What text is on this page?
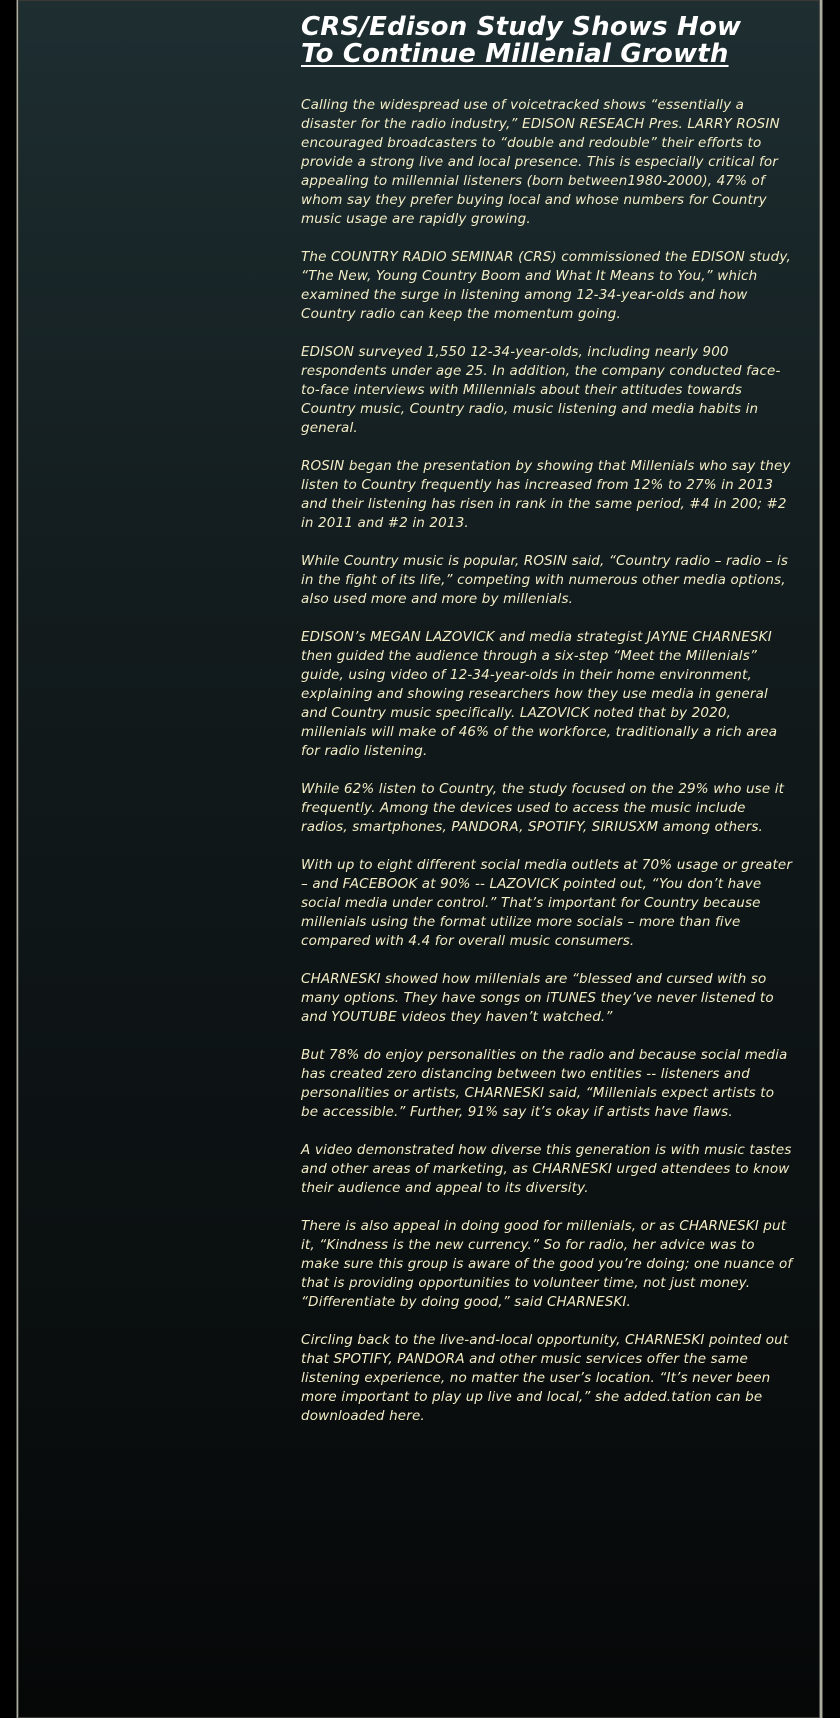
CRS/Edison Study Shows How
To Continue Millenial Growth

Calling the widespread use of voicetracked shows “essentially a disaster for the radio industry,” EDISON RESEACH Pres. LARRY ROSIN encouraged broadcasters to “double and redouble” their efforts to provide a strong live and local presence. This is especially critical for appealing to millennial listeners (born between1980-2000), 47% of whom say they prefer buying local and whose numbers for Country music usage are rapidly growing.

The COUNTRY RADIO SEMINAR (CRS) commissioned the EDISON study, “The New, Young Country Boom and What It Means to You,” which examined the surge in listening among 12-34-year-olds and how Country radio can keep the momentum going.

EDISON surveyed 1,550 12-34-year-olds, including nearly 900 respondents under age 25. In addition, the company conducted face-to-face interviews with Millennials about their attitudes towards Country music, Country radio, music listening and media habits in general.

ROSIN began the presentation by showing that Millenials who say they listen to Country frequently has increased from 12% to 27% in 2013 and their listening has risen in rank in the same period, #4 in 200; #2 in 2011 and #2 in 2013.

While Country music is popular, ROSIN said, “Country radio – radio – is in the fight of its life,” competing with numerous other media options, also used more and more by millenials.

EDISON’s MEGAN LAZOVICK and media strategist JAYNE CHARNESKI then guided the audience through a six-step “Meet the Millenials” guide, using video of 12-34-year-olds in their home environment, explaining and showing researchers how they use media in general and Country music specifically. LAZOVICK noted that by 2020, millenials will make of 46% of the workforce, traditionally a rich area for radio listening.

While 62% listen to Country, the study focused on the 29% who use it frequently. Among the devices used to access the music include radios, smartphones, PANDORA, SPOTIFY, SIRIUSXM among others.

With up to eight different social media outlets at 70% usage or greater – and FACEBOOK at 90% -- LAZOVICK pointed out, “You don’t have social media under control.” That’s important for Country because millenials using the format utilize more socials – more than five compared with 4.4 for overall music consumers.

CHARNESKI showed how millenials are “blessed and cursed with so many options. They have songs on iTUNES they’ve never listened to and YOUTUBE videos they haven’t watched.”

But 78% do enjoy personalities on the radio and because social media has created zero distancing between two entities -- listeners and personalities or artists, CHARNESKI said, “Millenials expect artists to be accessible.” Further, 91% say it’s okay if artists have flaws.

A video demonstrated how diverse this generation is with music tastes and other areas of marketing, as CHARNESKI urged attendees to know their audience and appeal to its diversity.

There is also appeal in doing good for millenials, or as CHARNESKI put it, “Kindness is the new currency.” So for radio, her advice was to make sure this group is aware of the good you’re doing; one nuance of that is providing opportunities to volunteer time, not just money. “Differentiate by doing good,” said CHARNESKI.

Circling back to the live-and-local opportunity, CHARNESKI pointed out that SPOTIFY, PANDORA and other music services offer the same listening experience, no matter the user’s location. “It’s never been more important to play up live and local,” she added.tation can be downloaded here.
